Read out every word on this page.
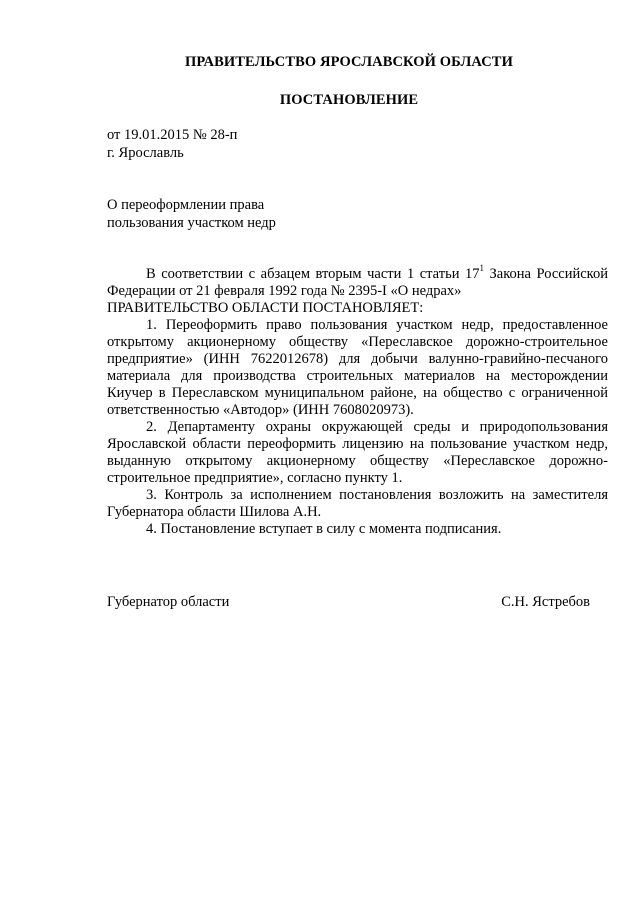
ПРАВИТЕЛЬСТВО ЯРОСЛАВСКОЙ ОБЛАСТИ
ПОСТАНОВЛЕНИЕ
от 19.01.2015 № 28-п
г. Ярославль
О переоформлении права
пользования участком недр

В соответствии с абзацем вторым части 1 статьи $17^1$ Закона Российской Федерации от 21 февраля 1992 года № 2395-I «О недрах»

ПРАВИТЕЛЬСТВО ОБЛАСТИ ПОСТАНОВЛЯЕТ:

1. Переоформить право пользования участком недр, предоставленное открытому акционерному обществу «Переславское дорожно-строительное предприятие» (ИНН 7622012678) для добычи валунно-гравийно-песчаного материала для производства строительных материалов на месторождении Киучер в Переславском муниципальном районе, на общество с ограниченной ответственностью «Автодор» (ИНН 7608020973).

2. Департаменту охраны окружающей среды и природопользования Ярославской области переоформить лицензию на пользование участком недр, выданную открытому акционерному обществу «Переславское дорожно-строительное предприятие», согласно пункту 1.

3. Контроль за исполнением постановления возложить на заместителя Губернатора области Шилова А.Н.

4. Постановление вступает в силу с момента подписания.

Губернатор области	С.Н. Ястребов
